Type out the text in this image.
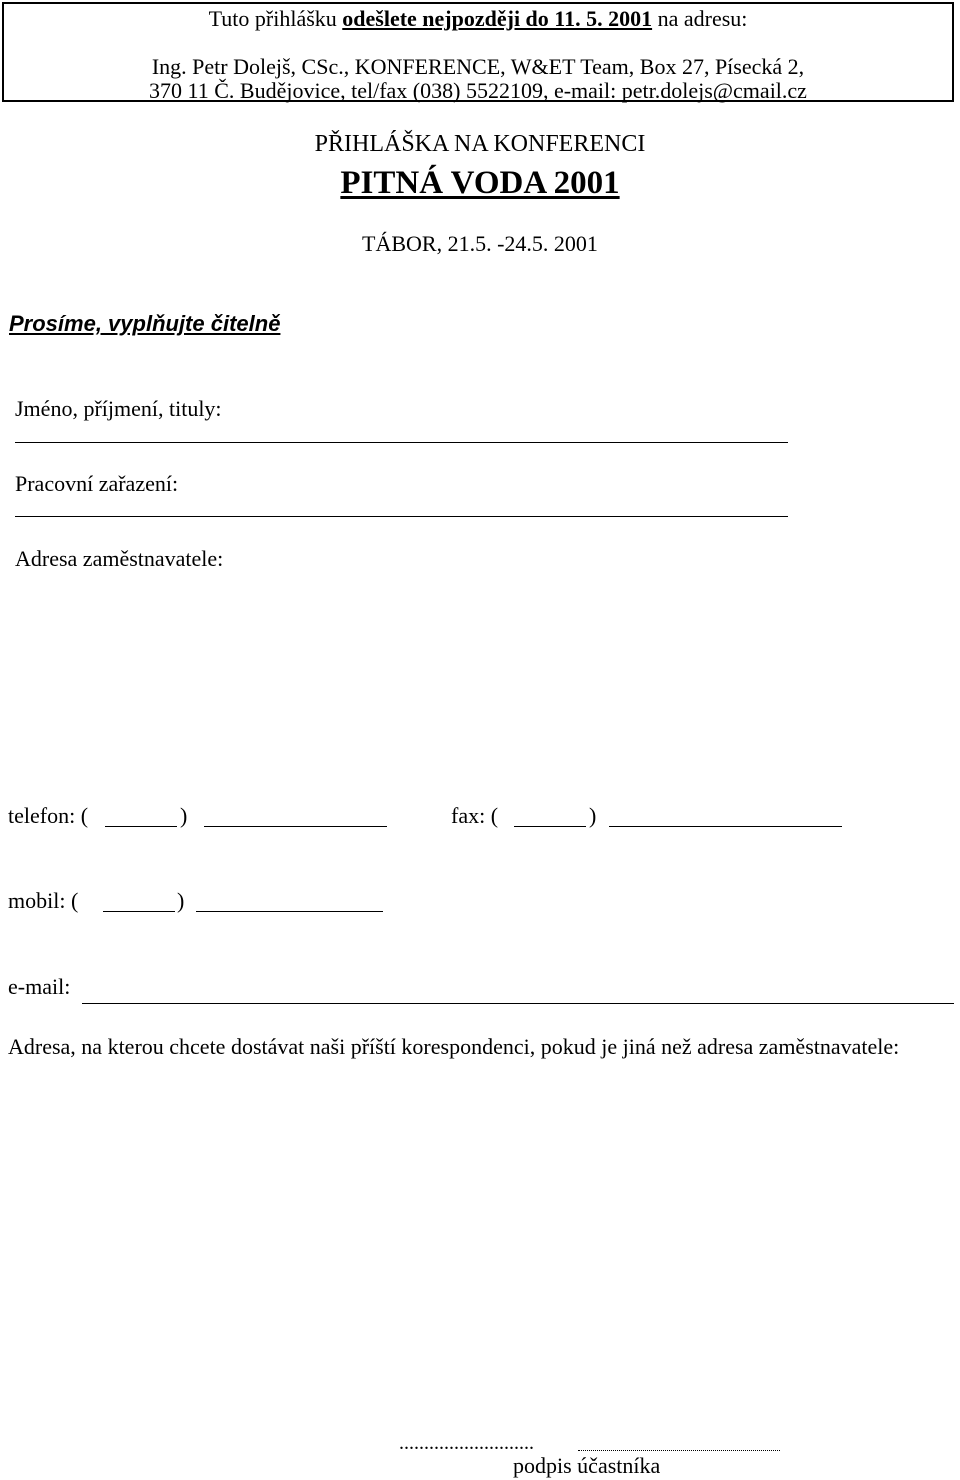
Tuto přihlášku odešlete nejpozději do 11. 5. 2001 na adresu:
Ing. Petr Dolejš, CSc., KONFERENCE, W&ET Team, Box 27, Písecká 2,
370 11 Č. Budějovice, tel/fax (038) 5522109, e-mail: petr.dolejs@cmail.cz
PŘIHLÁŠKA NA KONFERENCI
PITNÁ VODA 2001
TÁBOR, 21.5. -24.5. 2001
Prosíme, vyplňujte čitelně
Jméno, příjmení, tituly:
Pracovní zařazení:
Adresa zaměstnavatele:
telefon: (	)	fax: (	)
mobil: (	)
e-mail:
Adresa, na kterou chcete dostávat naši příští korespondenci, pokud je jiná než adresa zaměstnavatele:
...........................
podpis účastníka
